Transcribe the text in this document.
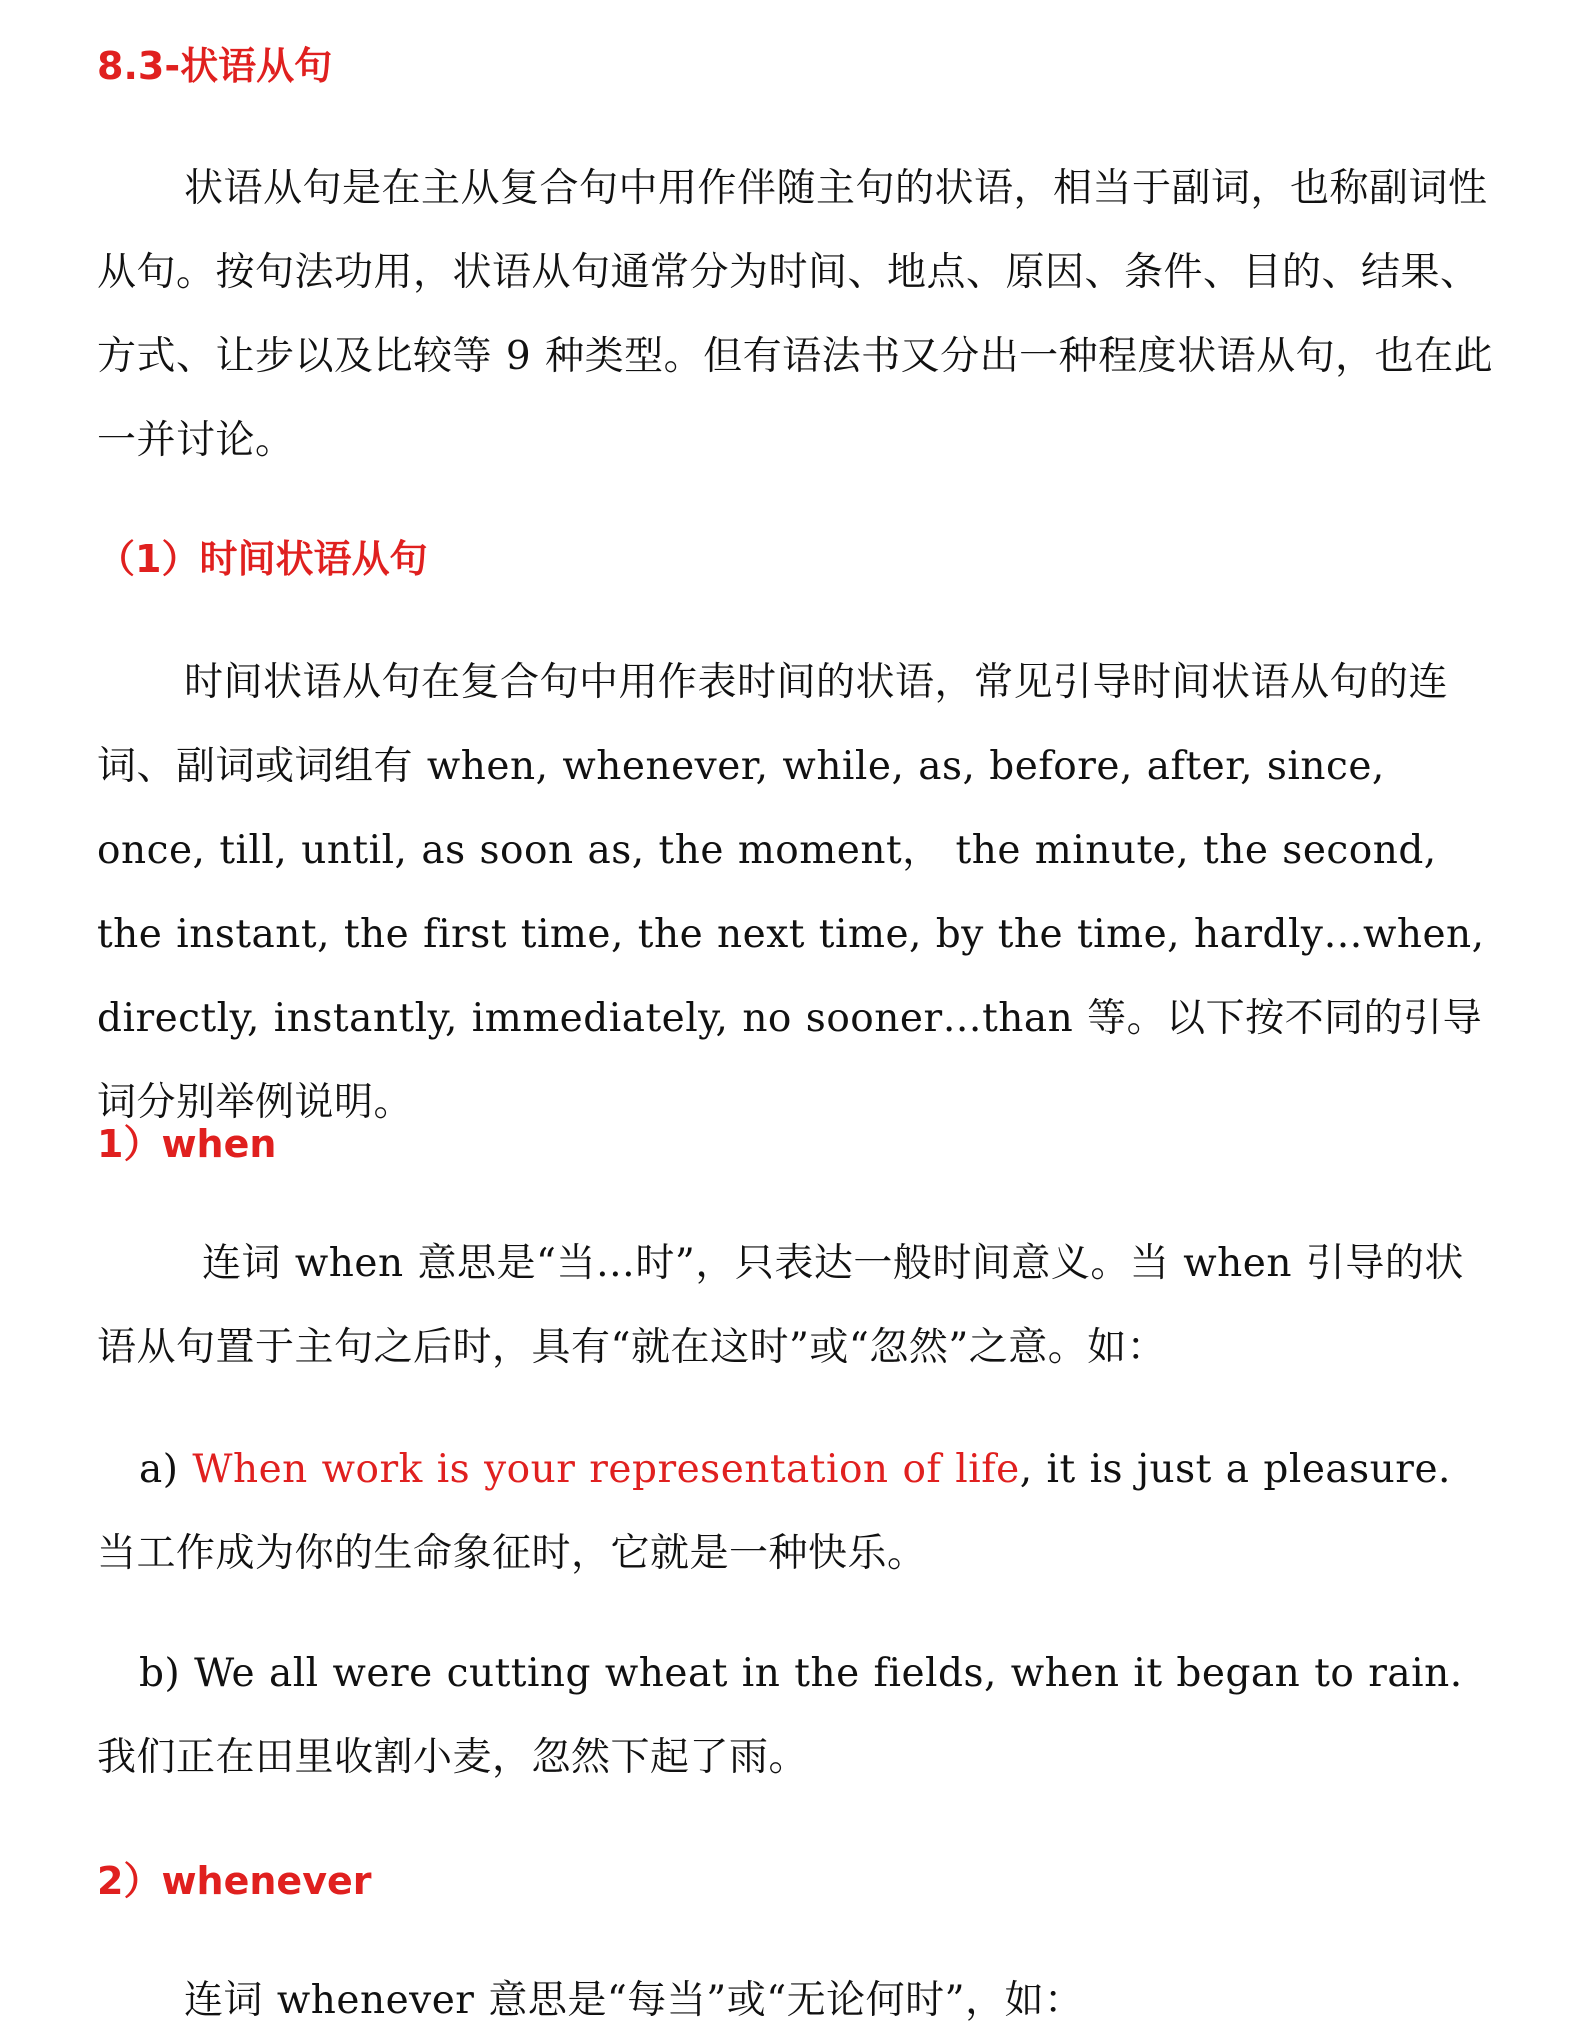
8.3-状语从句

状语从句是在主从复合句中用作伴随主句的状语，相当于副词，也称副词性从句。按句法功用，状语从句通常分为时间、地点、原因、条件、目的、结果、方式、让步以及比较等 9 种类型。但有语法书又分出一种程度状语从句，也在此一并讨论。

（1）时间状语从句

时间状语从句在复合句中用作表时间的状语，常见引导时间状语从句的连词、副词或词组有 when, whenever, while, as, before, after, since, once, till, until, as soon as, the moment， the minute, the second, the instant, the first time, the next time, by the time, hardly…when, directly, instantly, immediately, no sooner…than 等。以下按不同的引导词分别举例说明。

1）when

连词 when 意思是“当…时”，只表达一般时间意义。当 when 引导的状语从句置于主句之后时，具有“就在这时”或“忽然”之意。如：

a) When work is your representation of life, it is just a pleasure. 当工作成为你的生命象征时，它就是一种快乐。

b) We all were cutting wheat in the fields, when it began to rain. 我们正在田里收割小麦，忽然下起了雨。

2）whenever

连词 whenever 意思是“每当”或“无论何时”，如：
